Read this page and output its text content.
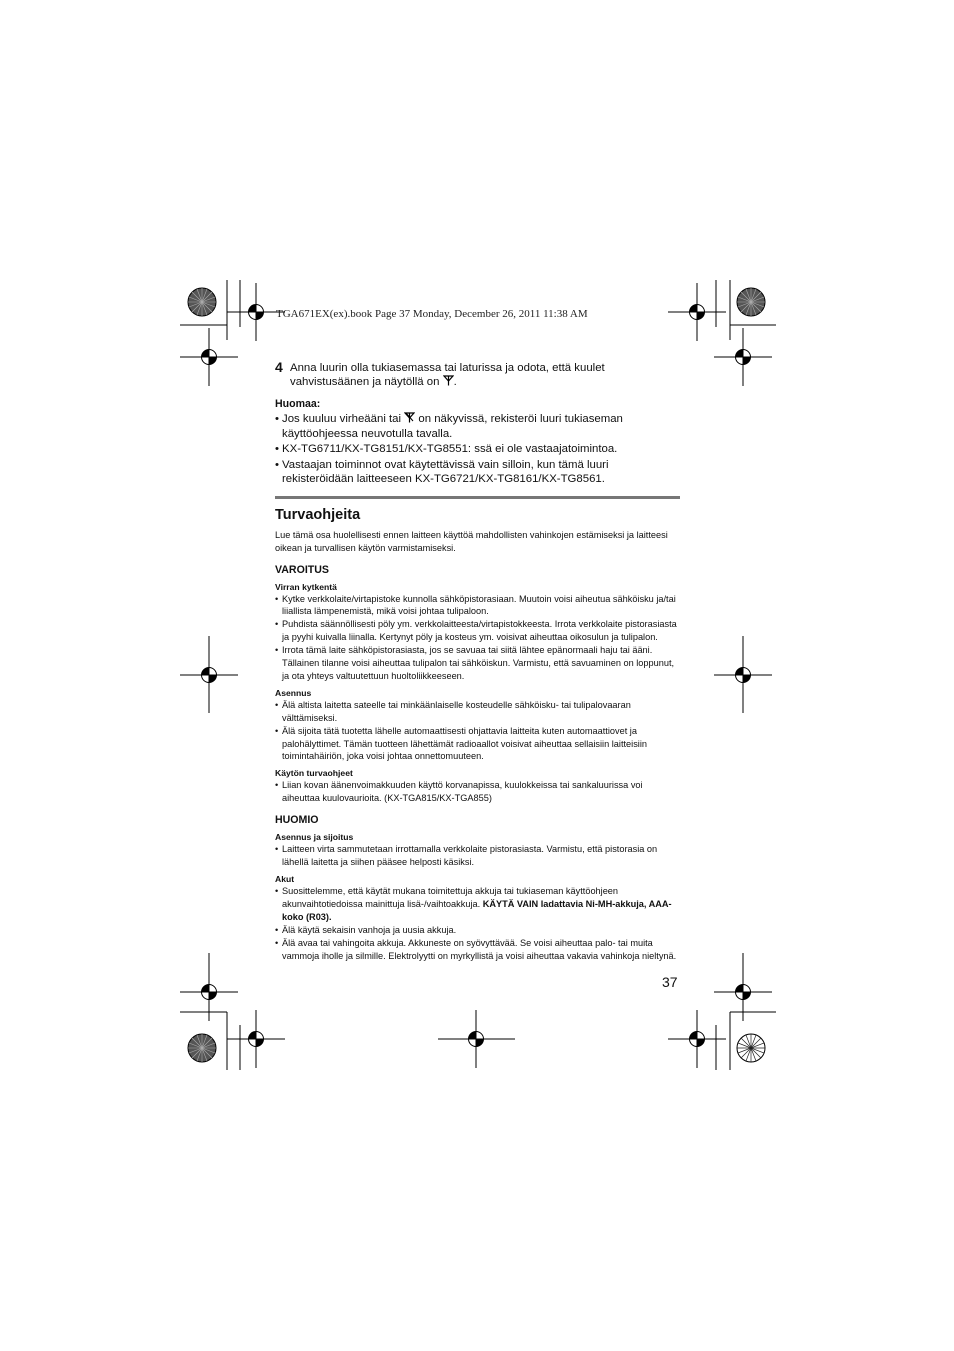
TGA671EX(ex).book Page 37 Monday, December 26, 2011 11:38 AM
4 Anna luurin olla tukiasemassa tai laturissa ja odota, että kuulet vahvistusäänen ja näytöllä on .
Huomaa:
• Jos kuuluu virheääni tai on näkyvissä, rekisteröi luuri tukiaseman käyttöohjeessa neuvotulla tavalla.
• KX-TG6711/KX-TG8151/KX-TG8551: ssä ei ole vastaajatoimintoa.
• Vastaajan toiminnot ovat käytettävissä vain silloin, kun tämä luuri rekisteröidään laitteeseen KX-TG6721/KX-TG8161/KX-TG8561.
Turvaohjeita
Lue tämä osa huolellisesti ennen laitteen käyttöä mahdollisten vahinkojen estämiseksi ja laitteesi oikean ja turvallisen käytön varmistamiseksi.
VAROITUS
Virran kytkentä
• Kytke verkkolaite/virtapistoke kunnolla sähköpistorasiaan. Muutoin voisi aiheutua sähköisku ja/tai liiallista lämpenemistä, mikä voisi johtaa tulipaloon.
• Puhdista säännöllisesti pöly ym. verkkolaitteesta/virtapistokkeesta. Irrota verkkolaite pistorasiasta ja pyyhi kuivalla liinalla. Kertynyt pöly ja kosteus ym. voisivat aiheuttaa oikosulun ja tulipalon.
• Irrota tämä laite sähköpistorasiasta, jos se savuaa tai siitä lähtee epänormaali haju tai ääni. Tällainen tilanne voisi aiheuttaa tulipalon tai sähköiskun. Varmistu, että savuaminen on loppunut, ja ota yhteys valtuutettuun huoltoliikkeeseen.
Asennus
• Älä altista laitetta sateelle tai minkäänlaiselle kosteudelle sähköisku- tai tulipalovaaran välttämiseksi.
• Älä sijoita tätä tuotetta lähelle automaattisesti ohjattavia laitteita kuten automaattiovet ja palohälyttimet. Tämän tuotteen lähettämät radioaallot voisivat aiheuttaa sellaisiin laitteisiin toimintahäiriön, joka voisi johtaa onnettomuuteen.
Käytön turvaohjeet
• Liian kovan äänenvoimakkuuden käyttö korvanapissa, kuulokkeissa tai sankaluurissa voi aiheuttaa kuulovaurioita. (KX-TGA815/KX-TGA855)
HUOMIO
Asennus ja sijoitus
• Laitteen virta sammutetaan irrottamalla verkkolaite pistorasiasta. Varmistu, että pistorasia on lähellä laitetta ja siihen pääsee helposti käsiksi.
Akut
• Suosittelemme, että käytät mukana toimitettuja akkuja tai tukiaseman käyttöohjeen akunvaihtotiedoissa mainittuja lisä-/vaihtoakkuja. KÄYTÄ VAIN ladattavia Ni-MH-akkuja, AAA-koko (R03).
• Älä käytä sekaisin vanhoja ja uusia akkuja.
• Älä avaa tai vahingoita akkuja. Akkuneste on syövyttävää. Se voisi aiheuttaa palo- tai muita vammoja iholle ja silmille. Elektrolyytti on myrkyllistä ja voisi aiheuttaa vakavia vahinkoja nieltynä.
37
